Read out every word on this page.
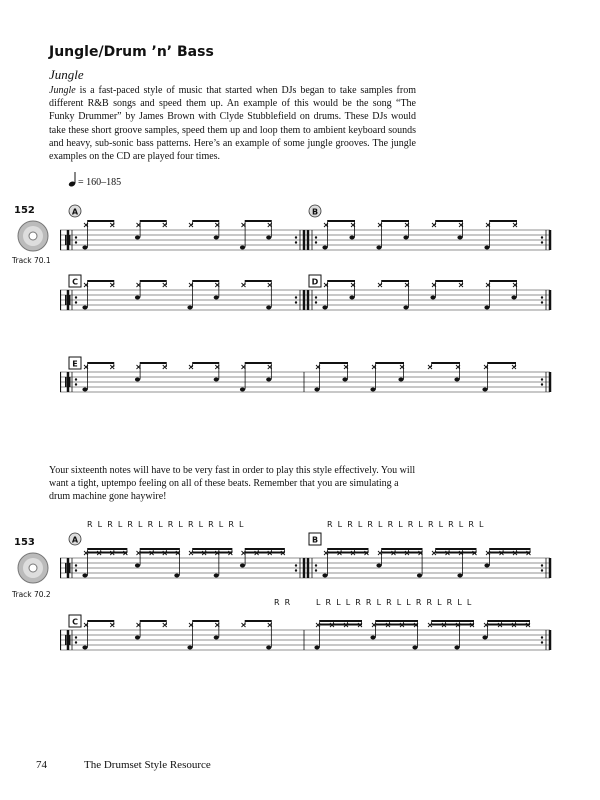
Jungle/Drum ’n’ Bass
Jungle
Jungle is a fast-paced style of music that started when DJs began to take samples from different R&B songs and speed them up. An example of this would be the song “The Funky Drummer” by James Brown with Clyde Stubblefield on drums. These DJs would take these short groove samples, speed them up and loop them to ambient keyboard sounds and heavy, sub-sonic bass patterns. Here’s an example of some jungle grooves. The jungle examples on the CD are played four times.
= 160–185
152
Track 70.1
A	B
C	D
E
Your sixteenth notes will have to be very fast in order to play this style effectively. You will want a tight, uptempo feeling on all of these beats. Remember that you are simulating a drum machine gone haywire!
R  L  R  L  R  L  R  L  R  L  R  L  R  L  R  L	R  L  R  L  R  L  R  L  R  L  R  L  R  L  R  L
153
Track 70.2
R  R	L  R  L  L  R  R  L  R  L  L  R  R  L  R  L  L
A	B
C
74	The Drumset Style Resource
